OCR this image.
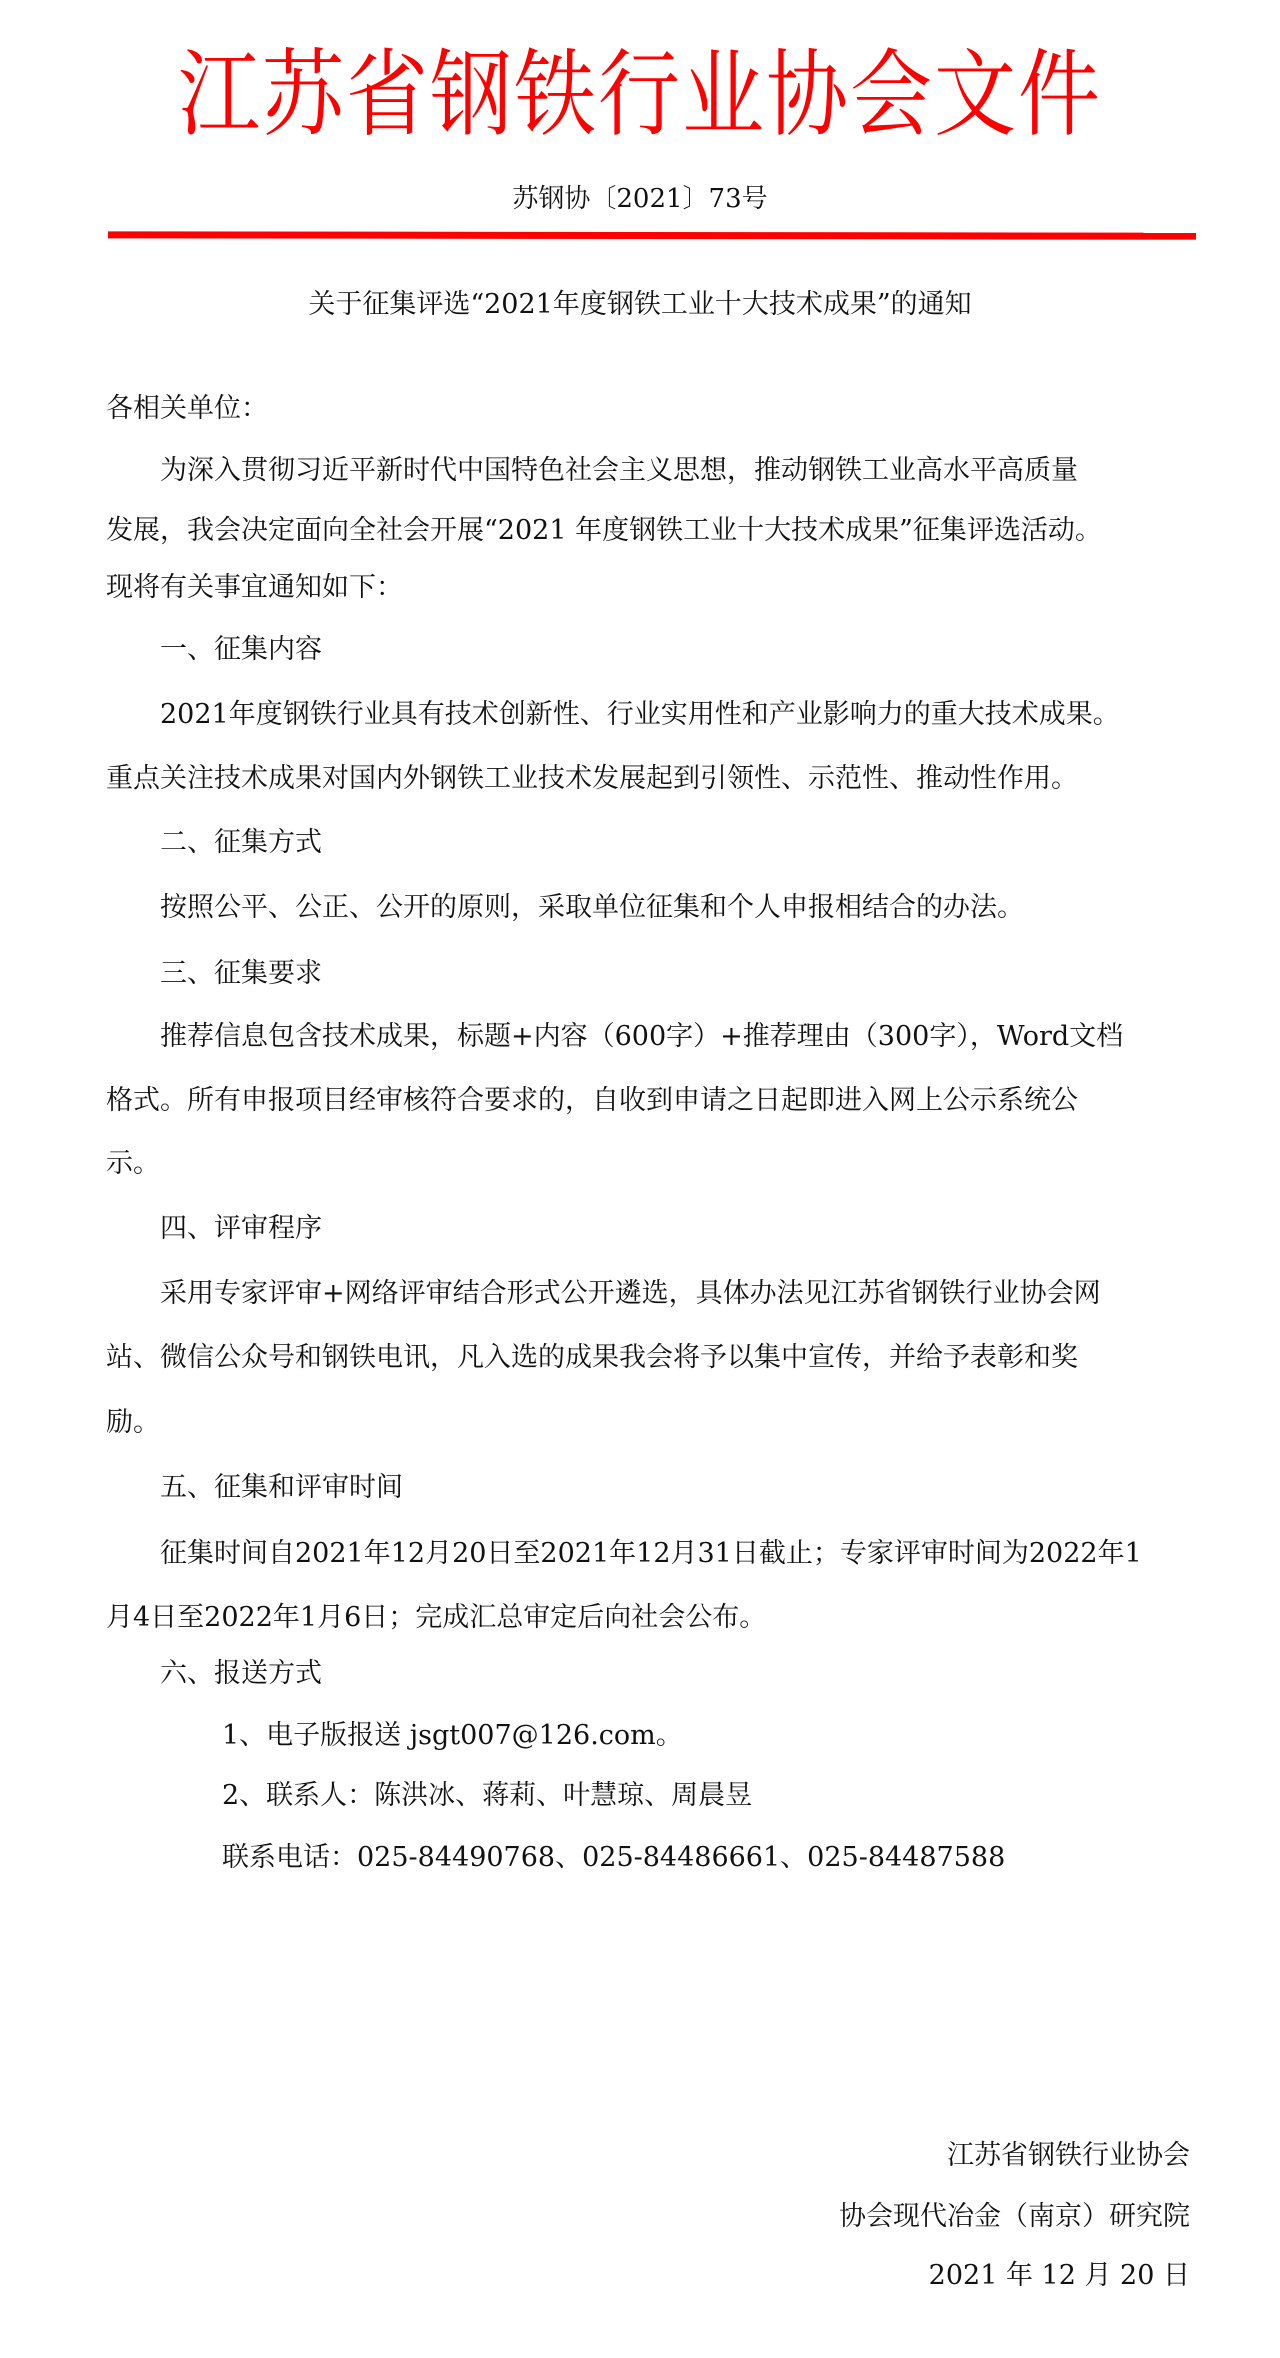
江苏省钢铁行业协会文件
苏钢协〔2021〕73号
关于征集评选“2021年度钢铁工业十大技术成果”的通知
各相关单位：
为深入贯彻习近平新时代中国特色社会主义思想，推动钢铁工业高水平高质量
发展，我会决定面向全社会开展“2021 年度钢铁工业十大技术成果”征集评选活动。
现将有关事宜通知如下：
一、征集内容
2021年度钢铁行业具有技术创新性、行业实用性和产业影响力的重大技术成果。
重点关注技术成果对国内外钢铁工业技术发展起到引领性、示范性、推动性作用。
二、征集方式
按照公平、公正、公开的原则，采取单位征集和个人申报相结合的办法。
三、征集要求
推荐信息包含技术成果，标题+内容（600字）+推荐理由（300字），Word文档
格式。所有申报项目经审核符合要求的，自收到申请之日起即进入网上公示系统公
示。
四、评审程序
采用专家评审+网络评审结合形式公开遴选，具体办法见江苏省钢铁行业协会网
站、微信公众号和钢铁电讯，凡入选的成果我会将予以集中宣传，并给予表彰和奖
励。
五、征集和评审时间
征集时间自2021年12月20日至2021年12月31日截止；专家评审时间为2022年1
月4日至2022年1月6日；完成汇总审定后向社会公布。
六、报送方式
1、电子版报送 jsgt007@126.com。
2、联系人：陈洪冰、蒋莉、叶慧琼、周晨昱
联系电话：025-84490768、025-84486661、025-84487588
江苏省钢铁行业协会
协会现代冶金（南京）研究院
2021 年 12 月 20 日
